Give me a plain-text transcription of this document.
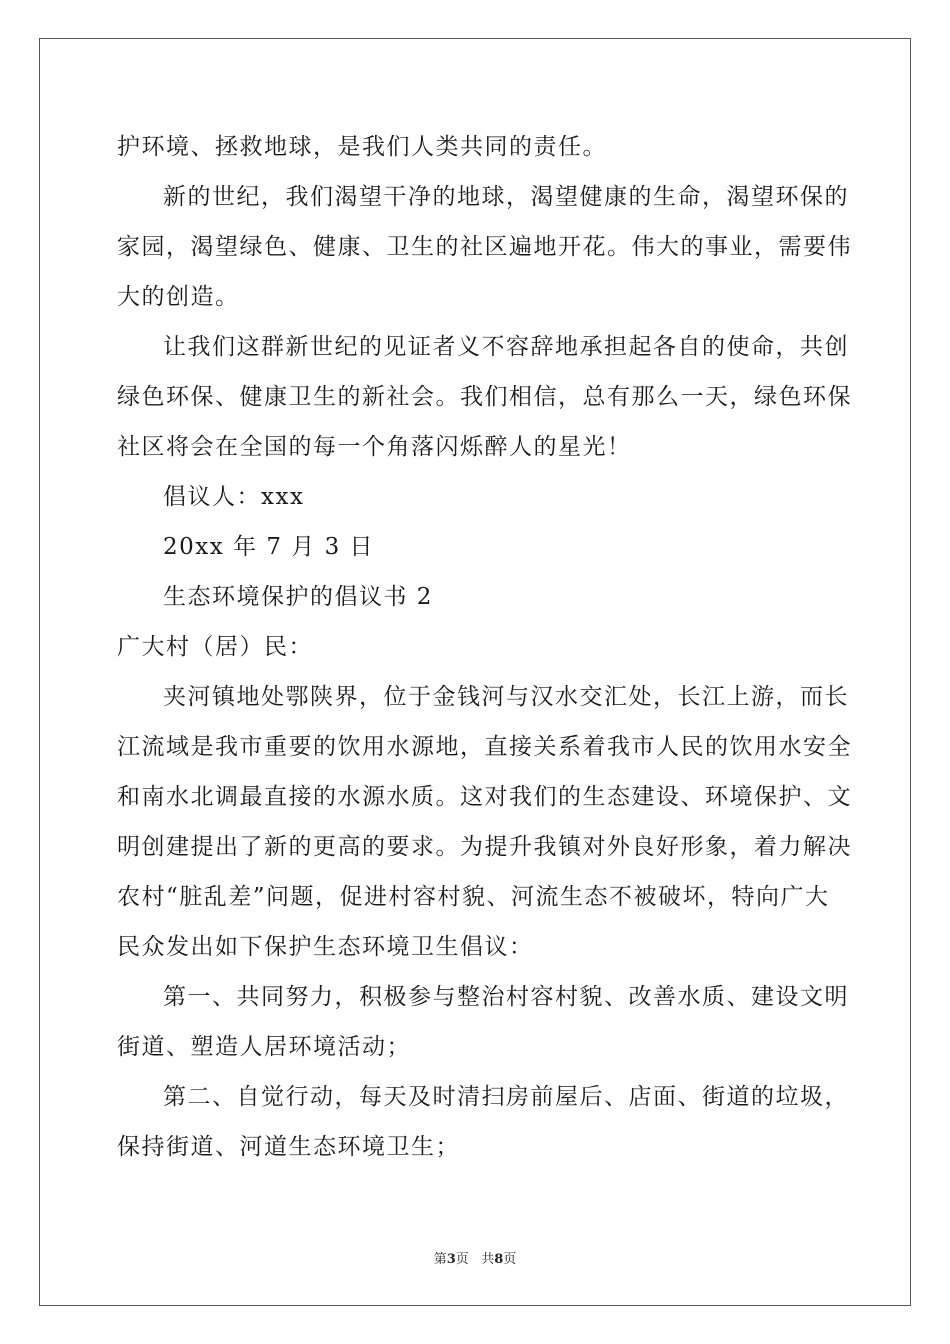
护环境、拯救地球，是我们人类共同的责任。
新的世纪，我们渴望干净的地球，渴望健康的生命，渴望环保的
家园，渴望绿色、健康、卫生的社区遍地开花。伟大的事业，需要伟
大的创造。
让我们这群新世纪的见证者义不容辞地承担起各自的使命，共创
绿色环保、健康卫生的新社会。我们相信，总有那么一天，绿色环保
社区将会在全国的每一个角落闪烁醉人的星光！
倡议人：xxx
20xx 年 7 月 3 日
生态环境保护的倡议书 2
广大村（居）民：
夹河镇地处鄂陕界，位于金钱河与汉水交汇处，长江上游，而长
江流域是我市重要的饮用水源地，直接关系着我市人民的饮用水安全
和南水北调最直接的水源水质。这对我们的生态建设、环境保护、文
明创建提出了新的更高的要求。为提升我镇对外良好形象，着力解决
农村“脏乱差”问题，促进村容村貌、河流生态不被破坏，特向广大
民众发出如下保护生态环境卫生倡议：
第一、共同努力，积极参与整治村容村貌、改善水质、建设文明
街道、塑造人居环境活动；
第二、自觉行动，每天及时清扫房前屋后、店面、街道的垃圾，
保持街道、河道生态环境卫生；
第3页 共8页
